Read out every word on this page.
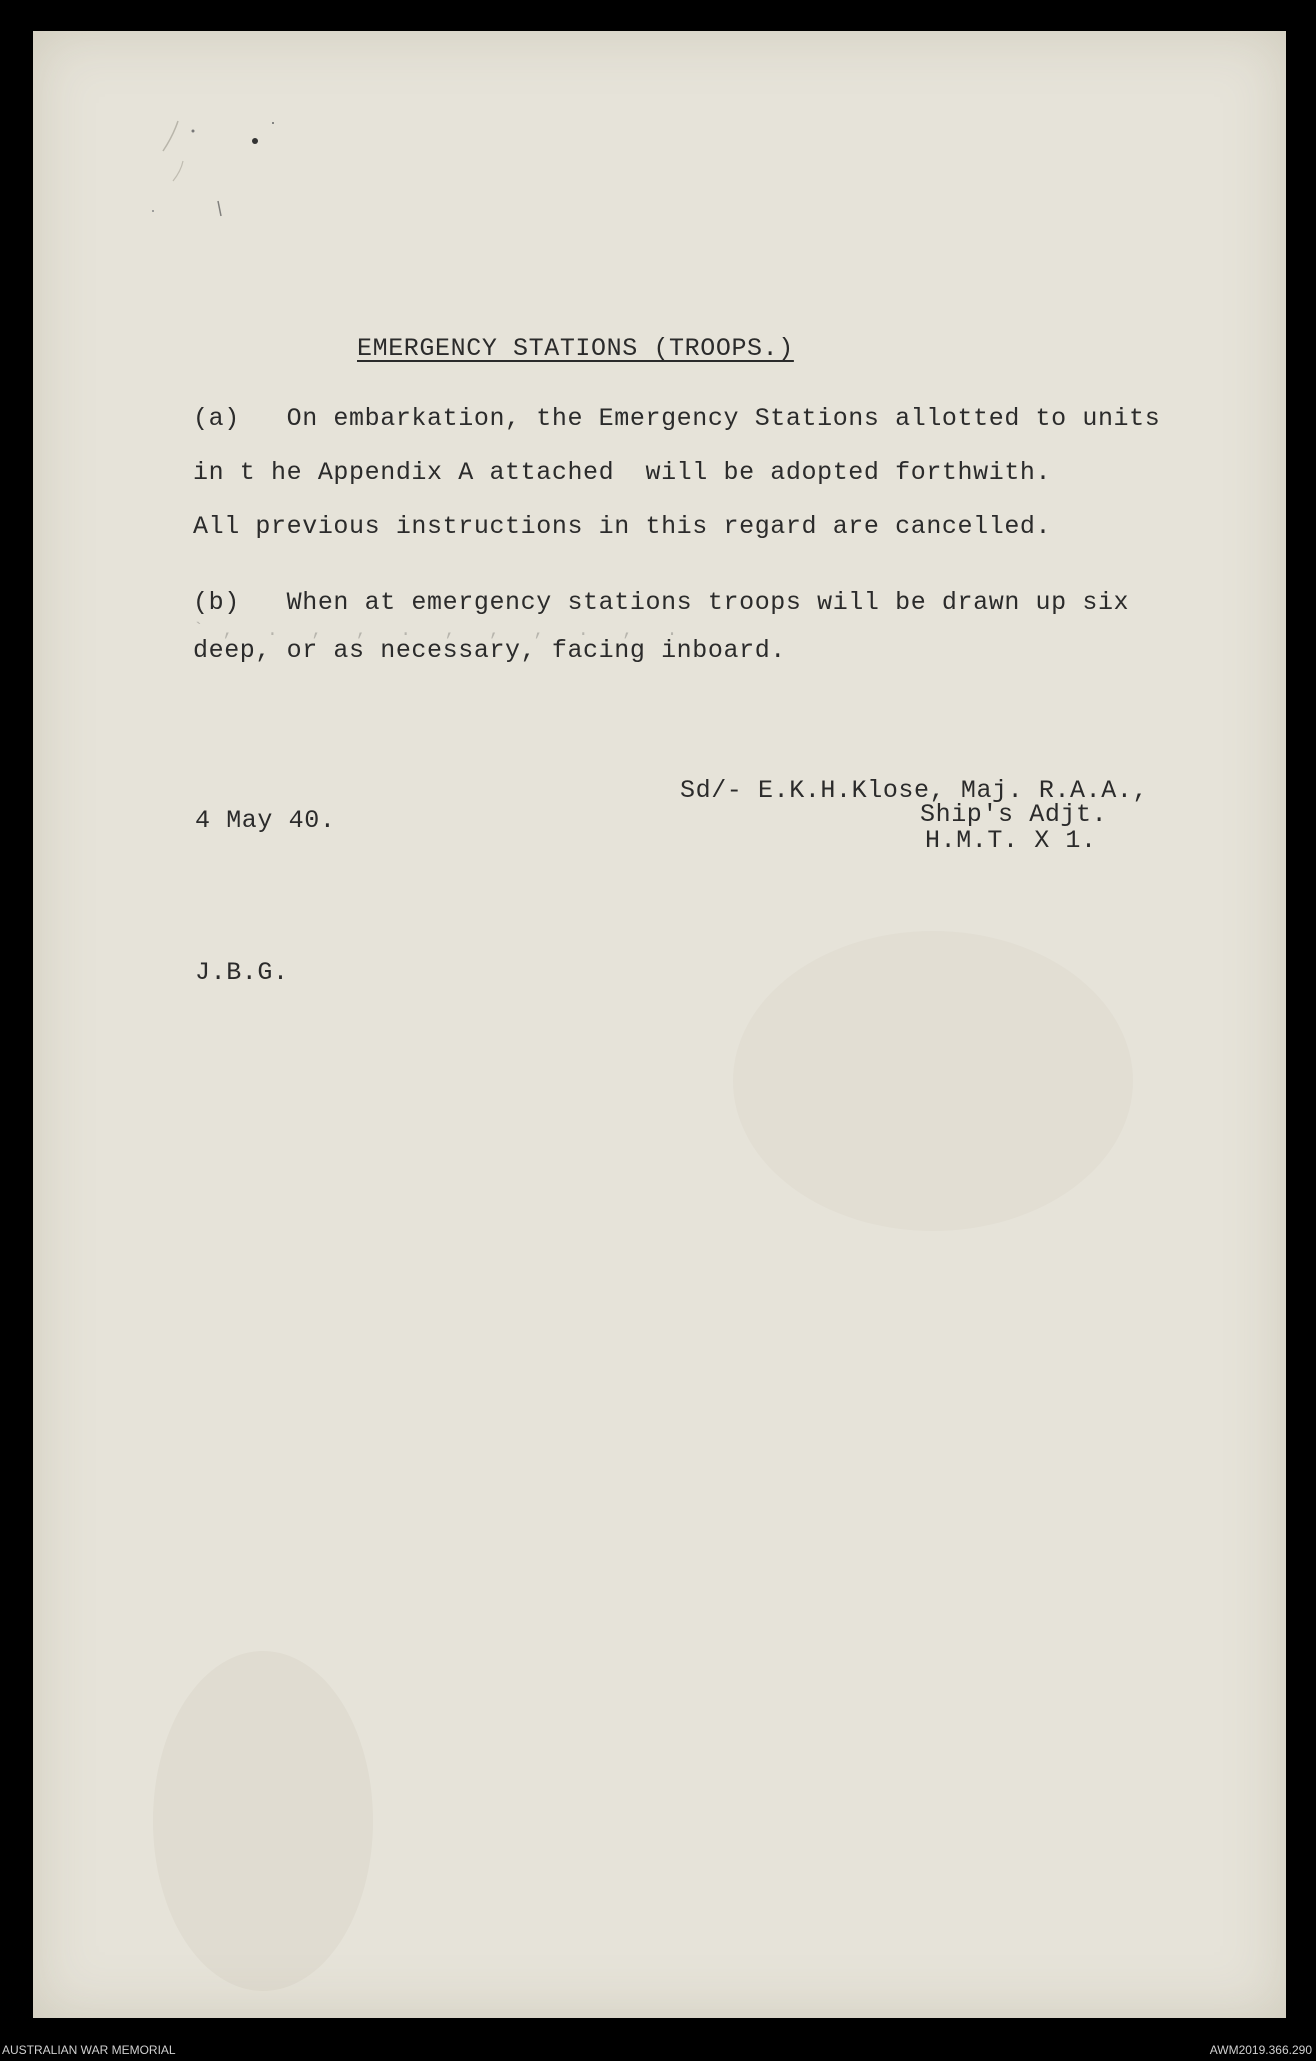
EMERGENCY STATIONS (TROOPS.)
(a)   On embarkation, the Emergency Stations allotted to units
in t he Appendix A attached  will be adopted forthwith.
All previous instructions in this regard are cancelled.
(b)   When at emergency stations troops will be drawn up six
` ,  .  ,  ,  .  ,  ,  ,  .  ,  .
deep, or as necessary, facing inboard.
Sd/- E.K.H.Klose, Maj. R.A.A.,
4 May 40.	Ship's Adjt.
H.M.T. X 1.
J.B.G.
AUSTRALIAN WAR MEMORIAL	AWM2019.366.290
